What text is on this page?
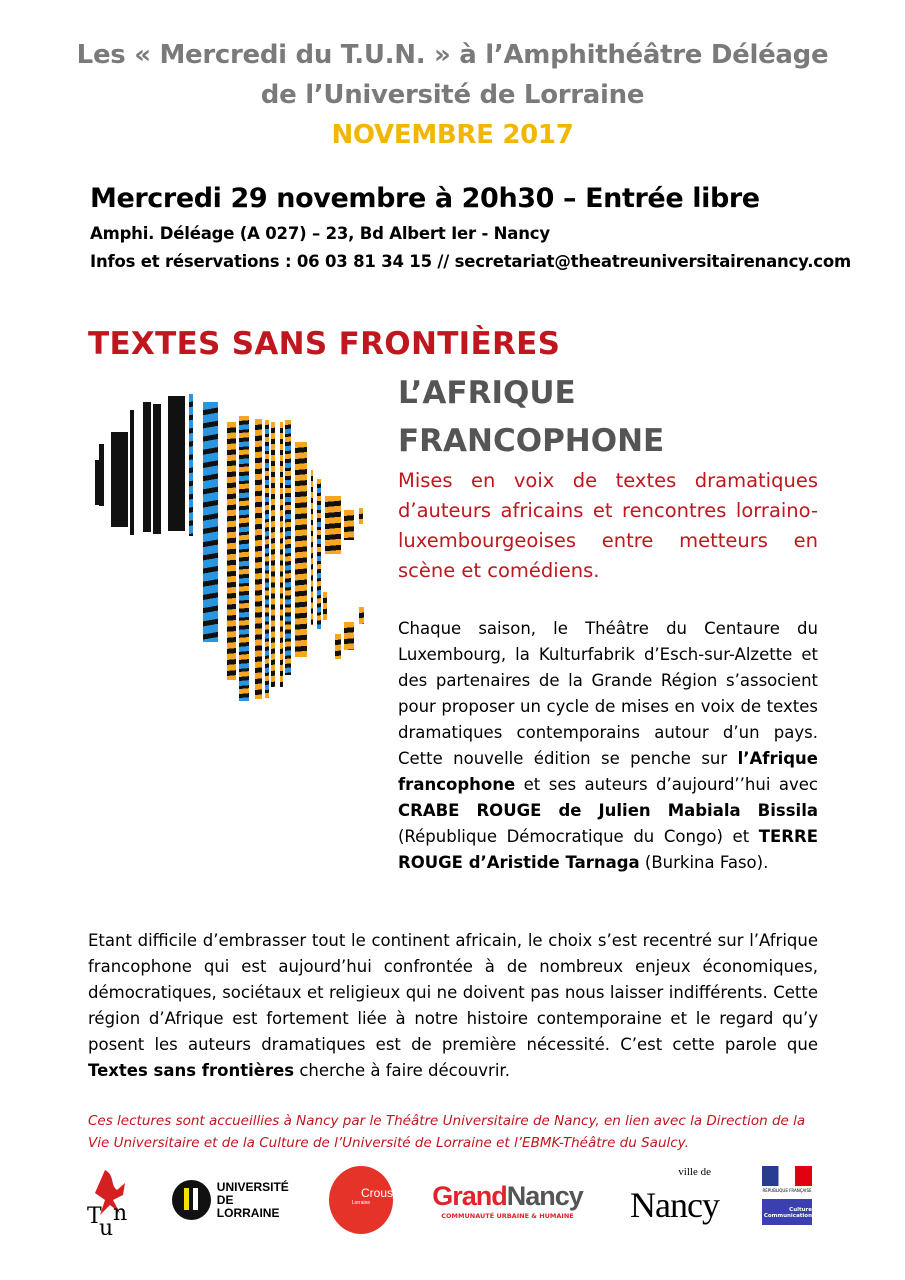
Les « Mercredi du T.U.N. » à l’Amphithéâtre Déléage
de l’Université de Lorraine
NOVEMBRE 2017
Mercredi 29 novembre à 20h30 – Entrée libre
Amphi. Déléage (A 027) – 23, Bd Albert Ier - Nancy
Infos et réservations : 06 03 81 34 15 // secretariat@theatreuniversitairenancy.com
TEXTES SANS FRONTIÈRES
L’AFRIQUE
FRANCOPHONE
Mises en voix de textes dramatiques d’auteurs africains et rencontres lorraino-luxembourgeoises entre metteurs en scène et comédiens.
Chaque saison, le Théâtre du Centaure du Luxembourg, la Kulturfabrik d’Esch-sur-Alzette et des partenaires de la Grande Région s’associent pour proposer un cycle de mises en voix de textes dramatiques contemporains autour d’un pays. Cette nouvelle édition se penche sur l’Afrique francophone et ses auteurs d’aujourd’’hui avec CRABE ROUGE de Julien Mabiala Bissila (République Démocratique du Congo) et TERRE ROUGE d’Aristide Tarnaga (Burkina Faso).
Etant difficile d’embrasser tout le continent africain, le choix s’est recentré sur l’Afrique francophone qui est aujourd’hui confrontée à de nombreux enjeux économiques, démocratiques, sociétaux et religieux qui ne doivent pas nous laisser indifférents. Cette région d’Afrique est fortement liée à notre histoire contemporaine et le regard qu’y posent les auteurs dramatiques est de première nécessité. C’est cette parole que Textes sans frontières cherche à faire découvrir.
Ces lectures sont accueillies à Nancy par le Théâtre Universitaire de Nancy, en lien avec la Direction de la Vie Universitaire et de la Culture de l’Université de Lorraine et l’EBMK-Théâtre du Saulcy.
T n
u
UNIVERSITÉ
DE LORRAINE
Crous
Lorraine	GrandNancy
COMMUNAUTÉ URBAINE & HUMAINE
ville de
Nancy	RÉPUBLIQUE FRANÇAISE
Culture Communication
